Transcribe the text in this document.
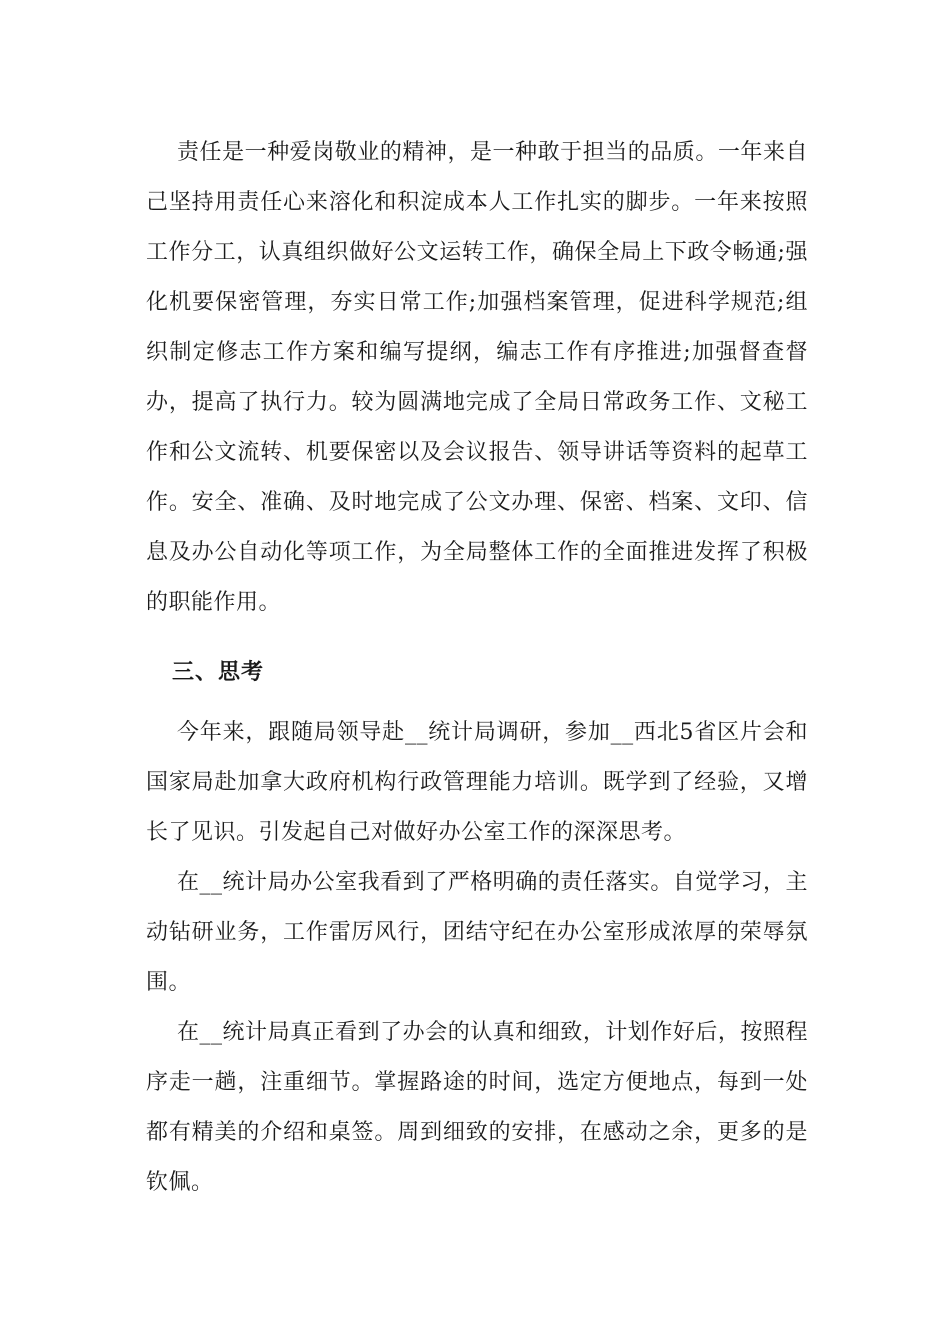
责任是一种爱岗敬业的精神，是一种敢于担当的品质。一年来自己坚持用责任心来溶化和积淀成本人工作扎实的脚步。一年来按照工作分工，认真组织做好公文运转工作，确保全局上下政令畅通;强化机要保密管理，夯实日常工作;加强档案管理，促进科学规范;组织制定修志工作方案和编写提纲，编志工作有序推进;加强督查督办，提高了执行力。较为圆满地完成了全局日常政务工作、文秘工作和公文流转、机要保密以及会议报告、领导讲话等资料的起草工作。安全、准确、及时地完成了公文办理、保密、档案、文印、信息及办公自动化等项工作，为全局整体工作的全面推进发挥了积极的职能作用。

三、思考

今年来，跟随局领导赴__统计局调研，参加__西北5省区片会和国家局赴加拿大政府机构行政管理能力培训。既学到了经验，又增长了见识。引发起自己对做好办公室工作的深深思考。

在__统计局办公室我看到了严格明确的责任落实。自觉学习，主动钻研业务，工作雷厉风行，团结守纪在办公室形成浓厚的荣辱氛围。

在__统计局真正看到了办会的认真和细致，计划作好后，按照程序走一趟，注重细节。掌握路途的时间，选定方便地点，每到一处都有精美的介绍和桌签。周到细致的安排，在感动之余，更多的是钦佩。
